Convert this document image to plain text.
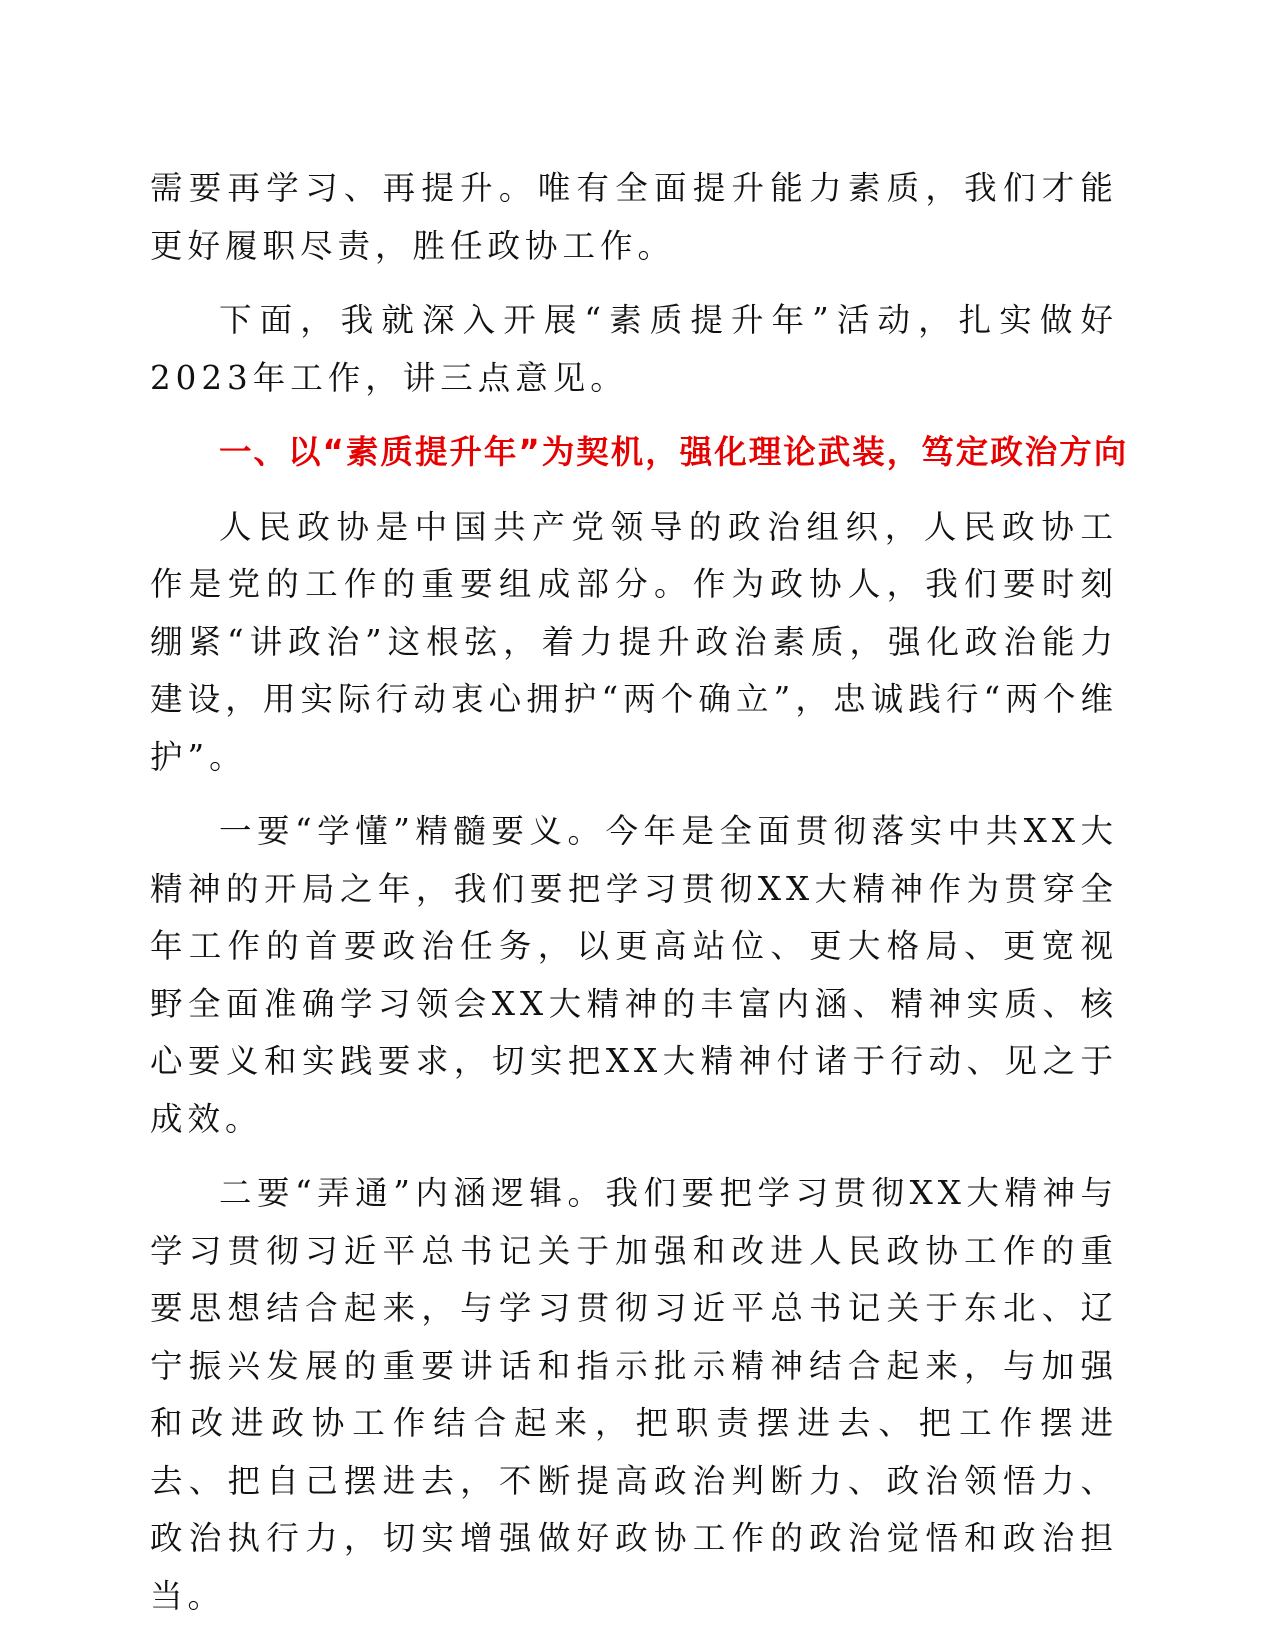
需要再学习、再提升。唯有全面提升能力素质，我们才能更好履职尽责，胜任政协工作。

下面，我就深入开展“素质提升年”活动，扎实做好2023年工作，讲三点意见。

一、以“素质提升年”为契机，强化理论武装，笃定政治方向

人民政协是中国共产党领导的政治组织，人民政协工作是党的工作的重要组成部分。作为政协人，我们要时刻绷紧“讲政治”这根弦，着力提升政治素质，强化政治能力建设，用实际行动衷心拥护“两个确立”，忠诚践行“两个维护”。

一要“学懂”精髓要义。今年是全面贯彻落实中共XX大精神的开局之年，我们要把学习贯彻XX大精神作为贯穿全年工作的首要政治任务，以更高站位、更大格局、更宽视野全面准确学习领会XX大精神的丰富内涵、精神实质、核心要义和实践要求，切实把XX大精神付诸于行动、见之于成效。

二要“弄通”内涵逻辑。我们要把学习贯彻XX大精神与学习贯彻习近平总书记关于加强和改进人民政协工作的重要思想结合起来，与学习贯彻习近平总书记关于东北、辽宁振兴发展的重要讲话和指示批示精神结合起来，与加强和改进政协工作结合起来，把职责摆进去、把工作摆进去、把自己摆进去，不断提高政治判断力、政治领悟力、政治执行力，切实增强做好政协工作的政治觉悟和政治担当。
